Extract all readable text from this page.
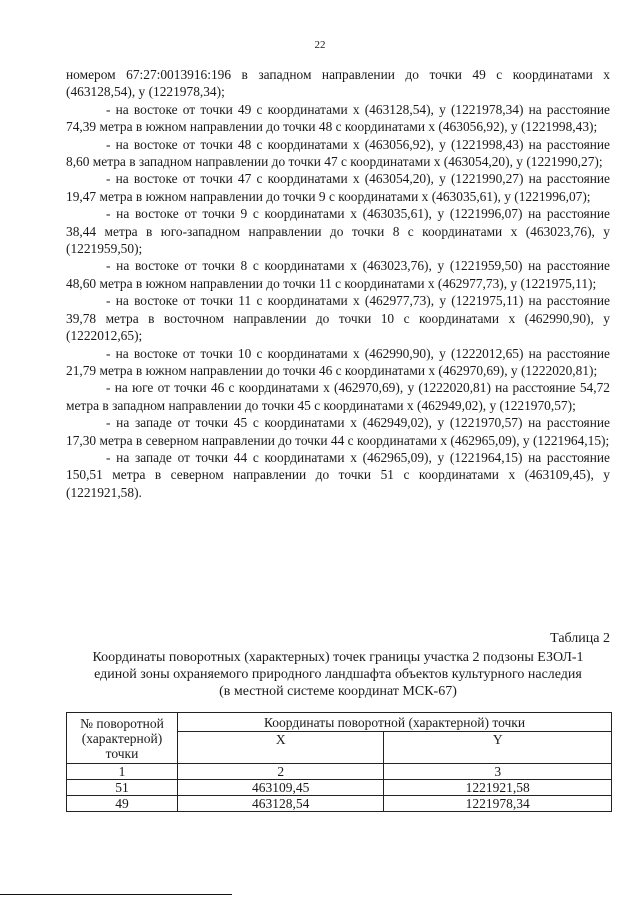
22

номером 67:27:0013916:196 в западном направлении до точки 49 с координатами x (463128,54), y (1221978,34);

- на востоке от точки 49 с координатами x (463128,54), y (1221978,34) на расстояние 74,39 метра в южном направлении до точки 48 с координатами x (463056,92), y (1221998,43);

- на востоке от точки 48 с координатами x (463056,92), y (1221998,43) на расстояние 8,60 метра в западном направлении до точки 47 с координатами x (463054,20), y (1221990,27);

- на востоке от точки 47 с координатами x (463054,20), y (1221990,27) на расстояние 19,47 метра в южном направлении до точки 9 с координатами x (463035,61), y (1221996,07);

- на востоке от точки 9 с координатами x (463035,61), y (1221996,07) на расстояние 38,44 метра в юго-западном направлении до точки 8 с координатами x (463023,76), y (1221959,50);

- на востоке от точки 8 с координатами x (463023,76), y (1221959,50) на расстояние 48,60 метра в южном направлении до точки 11 с координатами x (462977,73), y (1221975,11);

- на востоке от точки 11 с координатами x (462977,73), y (1221975,11) на расстояние 39,78 метра в восточном направлении до точки 10 с координатами x (462990,90), y (1222012,65);

- на востоке от точки 10 с координатами x (462990,90), y (1222012,65) на расстояние 21,79 метра в южном направлении до точки 46 с координатами x (462970,69), y (1222020,81);

- на юге от точки 46 с координатами x (462970,69), y (1222020,81) на расстояние 54,72 метра в западном направлении до точки 45 с координатами x (462949,02), y (1221970,57);

- на западе от точки 45 с координатами x (462949,02), y (1221970,57) на расстояние 17,30 метра в северном направлении до точки 44 с координатами x (462965,09), y (1221964,15);

- на западе от точки 44 с координатами x (462965,09), y (1221964,15) на расстояние 150,51 метра в северном направлении до точки 51 с координатами x (463109,45), y (1221921,58).

Таблица 2
Координаты поворотных (характерных) точек границы участка 2 подзоны ЕЗОЛ-1
единой зоны охраняемого природного ландшафта объектов культурного наследия
(в местной системе координат МСК-67)
№ поворотной
(характерной)
точки	Координаты поворотной (характерной) точки	
	X	Y
1	2	3
51	463109,45	1221921,58
49	463128,54	1221978,34
